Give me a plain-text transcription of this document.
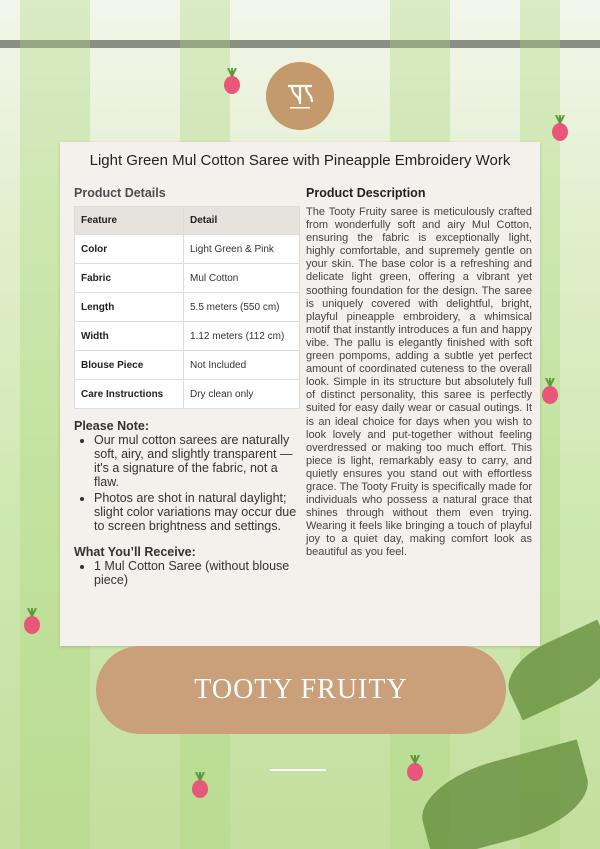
Light Green Mul Cotton Saree with Pineapple Embroidery Work
Product Details
Feature	Detail
Color	Light Green & Pink
Fabric	Mul Cotton
Length	5.5 meters (550 cm)
Width	1.12 meters (112 cm)
Blouse Piece	Not Included
Care Instructions	Dry clean only
Please Note:
• Our mul cotton sarees are naturally soft, airy, and slightly transparent — it's a signature of the fabric, not a flaw.
• Photos are shot in natural daylight; slight color variations may occur due to screen brightness and settings.
What You’ll Receive:
• 1 Mul Cotton Saree (without blouse piece)
Product Description

The Tooty Fruity saree is meticulously crafted from wonderfully soft and airy Mul Cotton, ensuring the fabric is exceptionally light, highly comfortable, and supremely gentle on your skin. The base color is a refreshing and delicate light green, offering a vibrant yet soothing foundation for the design. The saree is uniquely covered with delightful, bright, playful pineapple embroidery, a whimsical motif that instantly introduces a fun and happy vibe. The pallu is elegantly finished with soft green pompoms, adding a subtle yet perfect amount of coordinated cuteness to the overall look. Simple in its structure but absolutely full of distinct personality, this saree is perfectly suited for easy daily wear or casual outings. It is an ideal choice for days when you wish to look lovely and put-together without feeling overdressed or making too much effort. This piece is light, remarkably easy to carry, and quietly ensures you stand out with effortless grace. The Tooty Fruity is specifically made for individuals who possess a natural grace that shines through without them even trying. Wearing it feels like bringing a touch of playful joy to a quiet day, making comfort look as beautiful as you feel.

TOOTY FRUITY
